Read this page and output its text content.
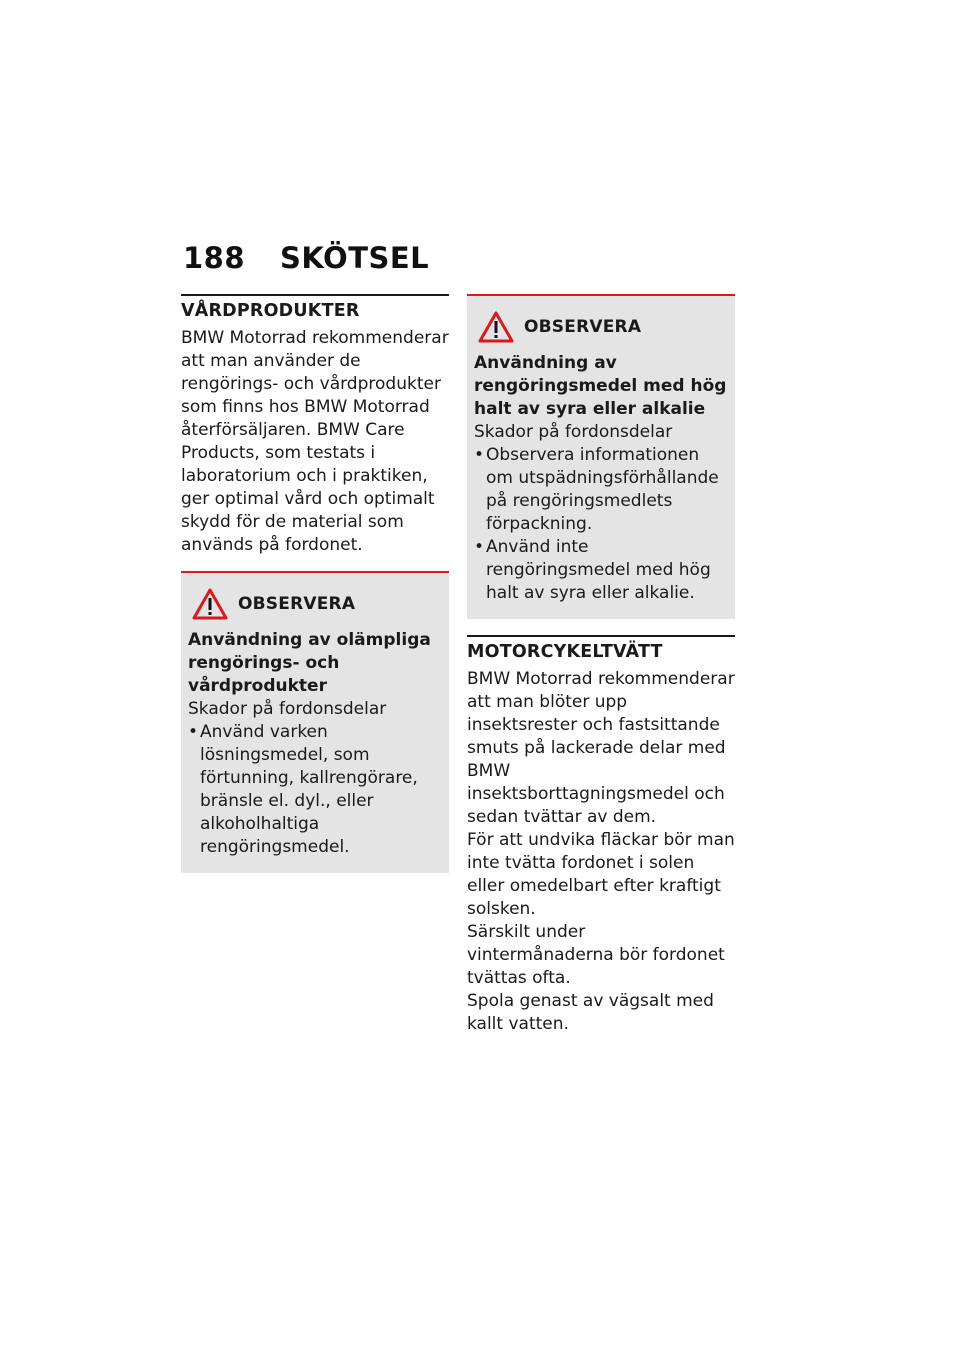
188 SKÖTSEL
VÅRDPRODUKTER

BMW Motorrad rekommenderar att man använder de rengörings- och vårdprodukter som finns hos BMW Motorrad återförsäljaren. BMW Care Products, som testats i laboratorium och i praktiken, ger optimal vård och optimalt skydd för de material som används på fordonet.

OBSERVERA

Användning av olämpliga rengörings- och vårdprodukter

Skador på fordonsdelar

• Använd varken lösningsmedel, som förtunning, kallrengörare, bränsle el. dyl., eller alkoholhaltiga rengöringsmedel.
OBSERVERA

Användning av rengöringsmedel med hög halt av syra eller alkalie

Skador på fordonsdelar

• Observera informationen om utspädningsförhållande på rengöringsmedlets förpackning.
• Använd inte rengöringsmedel med hög halt av syra eller alkalie.
MOTORCYKELTVÄTT

BMW Motorrad rekommenderar att man blöter upp insektsrester och fastsittande smuts på lackerade delar med BMW insektsborttagningsmedel och sedan tvättar av dem.

För att undvika fläckar bör man inte tvätta fordonet i solen eller omedelbart efter kraftigt solsken.

Särskilt under vintermånaderna bör fordonet tvättas ofta.

Spola genast av vägsalt med kallt vatten.
